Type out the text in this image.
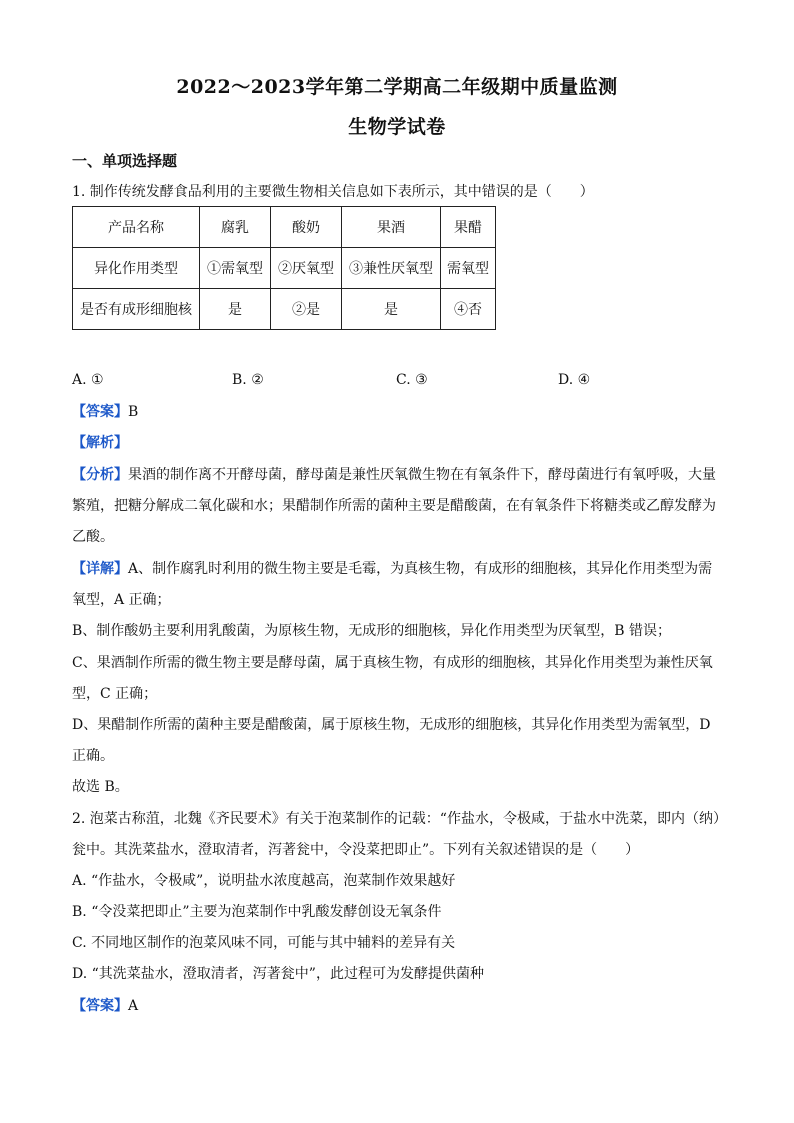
2022～2023学年第二学期高二年级期中质量监测
生物学试卷
一、单项选择题
1. 制作传统发酵食品利用的主要微生物相关信息如下表所示，其中错误的是（　　）
产品名称	腐乳	酸奶	果酒	果醋
异化作用类型	①需氧型	②厌氧型	③兼性厌氧型	需氧型
是否有成形细胞核	是	②是	是	④否
A. ①	B. ②	C. ③	D. ④
【答案】B
【解析】
【分析】果酒的制作离不开酵母菌，酵母菌是兼性厌氧微生物在有氧条件下，酵母菌进行有氧呼吸，大量
繁殖，把糖分解成二氧化碳和水；果醋制作所需的菌种主要是醋酸菌，在有氧条件下将糖类或乙醇发酵为
乙酸。
【详解】A、制作腐乳时利用的微生物主要是毛霉，为真核生物，有成形的细胞核，其异化作用类型为需
氧型，A 正确；
B、制作酸奶主要利用乳酸菌，为原核生物，无成形的细胞核，异化作用类型为厌氧型，B 错误；
C、果酒制作所需的微生物主要是酵母菌，属于真核生物，有成形的细胞核，其异化作用类型为兼性厌氧
型，C 正确；
D、果醋制作所需的菌种主要是醋酸菌，属于原核生物，无成形的细胞核，其异化作用类型为需氧型，D
正确。
故选 B。
2. 泡菜古称菹，北魏《齐民要术》有关于泡菜制作的记载：“作盐水，令极咸，于盐水中洗菜，即内（纳）
瓮中。其洗菜盐水，澄取清者，泻著瓮中，令没菜把即止”。下列有关叙述错误的是（　　）
A. “作盐水，令极咸”，说明盐水浓度越高，泡菜制作效果越好
B. “令没菜把即止”主要为泡菜制作中乳酸发酵创设无氧条件
C. 不同地区制作的泡菜风味不同，可能与其中辅料的差异有关
D. “其洗菜盐水，澄取清者，泻著瓮中”，此过程可为发酵提供菌种
【答案】A
